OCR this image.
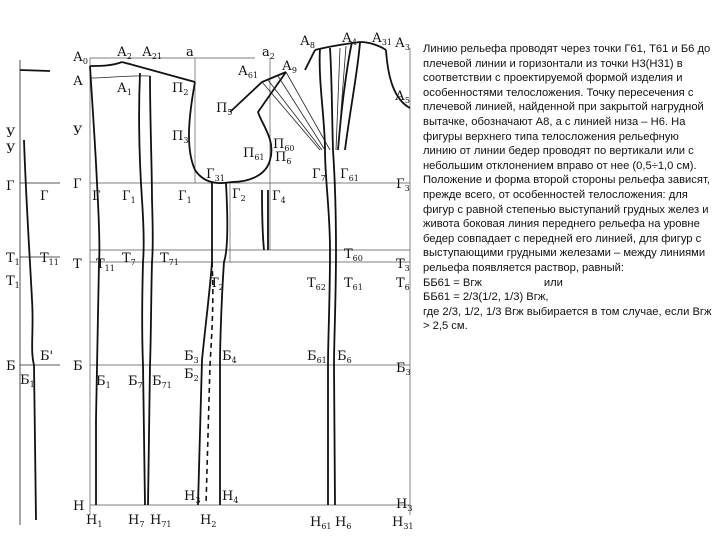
$А_0$
А
$А_2$ $А_{21}$ а	$а_2$
$А_1$	$П_2$
$П_5$
$П_3$	$П_{60}$
$П_6$
$П_{61}$
$А_{61}$
$А_9$
$А_8$ $А_4$ $А_{31}$ $А_3$
$А_5$
У
У
У
Г
Г
Г
Г $Г_1$	$Г_1$
$Г_{31}$
$Г_2$ $Г_4$
$Г_7$ $Г_{61}$	$Г_3$
$Т_1$ $Т_{11}$
$Т_1$
Т $Т_{11}$
$Т_7$ $Т_{71}$
$Т_2$
$Т_{60}$
$Т_{62}$ $Т_{61}$
$Т_3$
$Т_6$
Б
$Б_1$
Б'
Б
$Б_1$ $Б_7$ $Б_{71}$
$Б_3$
$Б_2$
$Б_4$	$Б_{61}$ $Б_6$
$Б_3$
Н
$Н_1$ $Н_7$ $Н_{71}$
$Н_3$ $Н_4$
$Н_2$	$Н_{61}$ $Н_6$
$Н_3$
$Н_{31}$

Линию рельефа проводят через точки Г61, Т61 и Б6 до плечевой линии и горизонтали из точки Н3(Н31) в соответствии с проектируемой формой изделия и особенностями телосложения. Точку пересечения с плечевой линией, найденной при закрытой нагрудной вытачке, обозначают А8, а с линией низа – Н6. На фигуры верхнего типа телосложения рельефную линию от линии бедер проводят по вертикали или с небольшим отклонением вправо от нее (0,5÷1,0 см).

Положение и форма второй стороны рельефа зависят, прежде всего, от особенностей телосложения: для фигур с равной степенью выступаний грудных желез и живота боковая линия переднего рельефа на уровне бедер совпадает с передней его линией, для фигур с выступающими грудными железами – между линиями рельефа появляется раствор, равный:

ББ61 = Вгж	или

ББ61 = 2/3(1/2, 1/3) Вгж,

где 2/3, 1/2, 1/3 Вгж выбирается в том случае, если Вгж > 2,5 см.
